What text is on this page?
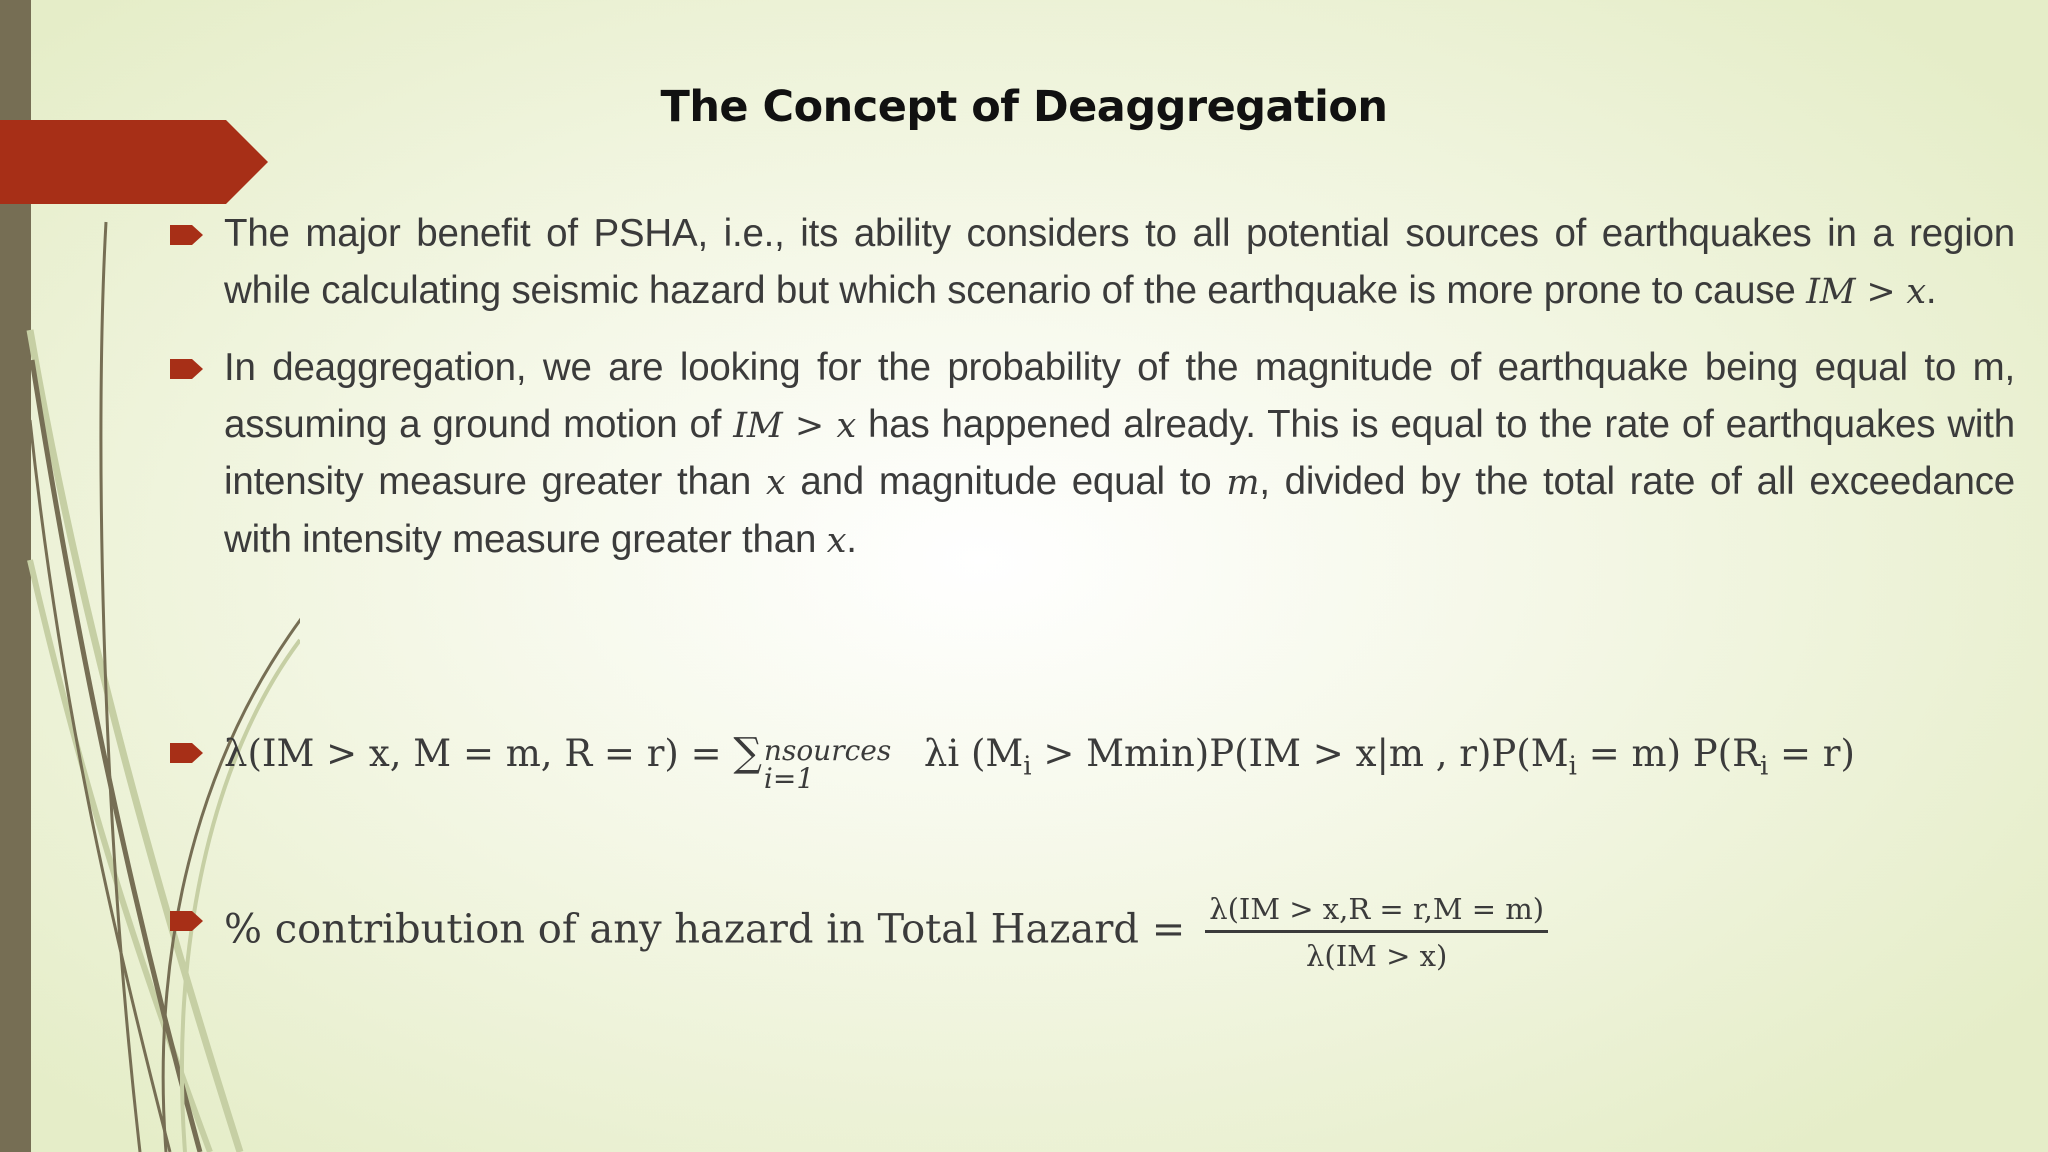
The Concept of Deaggregation
The major benefit of PSHA, i.e., its ability considers to all potential sources of earthquakes in a region while calculating seismic hazard but which scenario of the earthquake is more prone to cause IM > x.
In deaggregation, we are looking for the probability of the magnitude of earthquake being equal to m, assuming a ground motion of IM > x has happened already. This is equal to the rate of earthquakes with intensity measure greater than x and magnitude equal to m, divided by the total rate of all exceedance with intensity measure greater than x.
λ(IM > x, M = m, R = r) = ∑ nsources
i=1
λi $(M_i > Mmin)P(IM > x|m$ , $r)P(M_i = m)$ $P(R_i = r)$
% contribution of any hazard in Total Hazard = $\frac{\lambda(IM > x,R = r,M = m)}{\lambda(IM > x)}$
